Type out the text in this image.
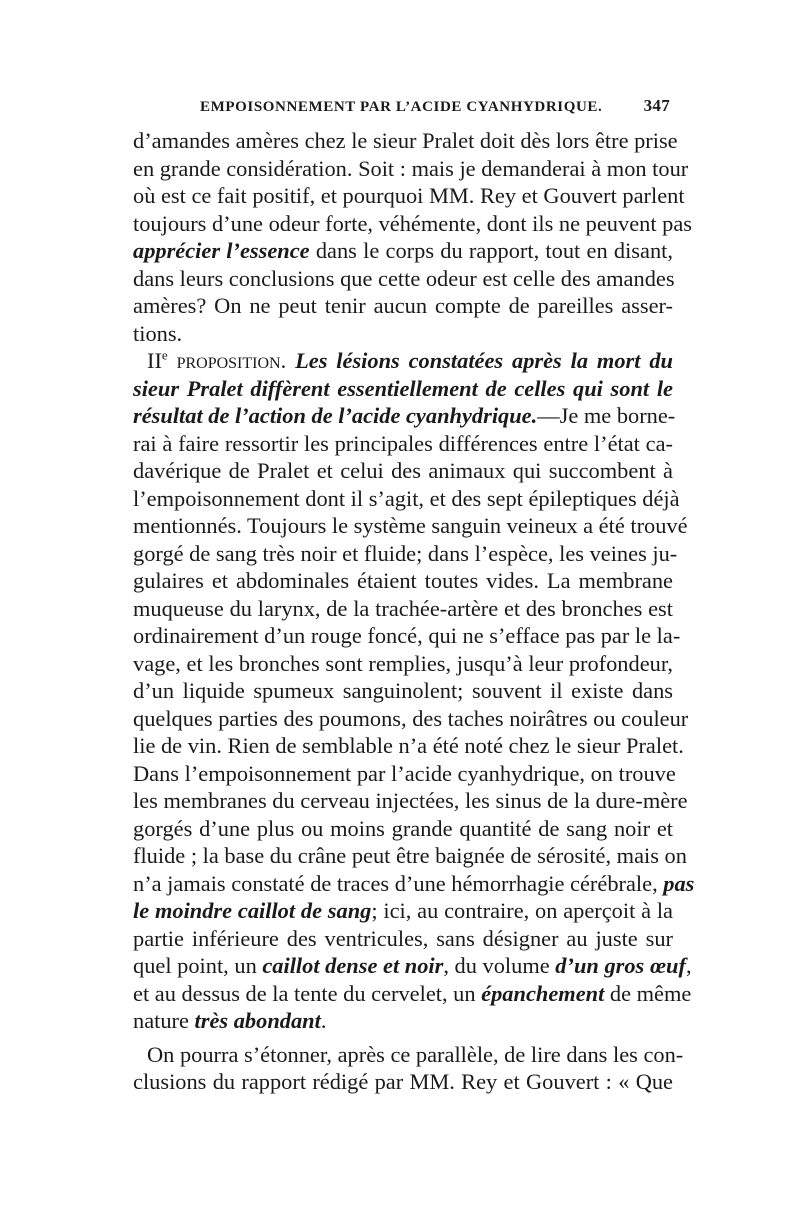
EMPOISONNEMENT PAR L’ACIDE CYANHYDRIQUE. 347
d’amandes amères chez le sieur Pralet doit dès lors être prise
en grande considération. Soit : mais je demanderai à mon tour
où est ce fait positif, et pourquoi MM. Rey et Gouvert parlent
toujours d’une odeur forte, véhémente, dont ils ne peuvent pas
apprécier l’essence dans le corps du rapport, tout en disant,
dans leurs conclusions que cette odeur est celle des amandes
amères? On ne peut tenir aucun compte de pareilles asser-
tions.
IIe proposition. Les lésions constatées après la mort du
sieur Pralet diffèrent essentiellement de celles qui sont le
résultat de l’action de l’acide cyanhydrique.—Je me borne-
rai à faire ressortir les principales différences entre l’état ca-
davérique de Pralet et celui des animaux qui succombent à
l’empoisonnement dont il s’agit, et des sept épileptiques déjà
mentionnés. Toujours le système sanguin veineux a été trouvé
gorgé de sang très noir et fluide; dans l’espèce, les veines ju-
gulaires et abdominales étaient toutes vides. La membrane
muqueuse du larynx, de la trachée-artère et des bronches est
ordinairement d’un rouge foncé, qui ne s’efface pas par le la-
vage, et les bronches sont remplies, jusqu’à leur profondeur,
d’un liquide spumeux sanguinolent; souvent il existe dans
quelques parties des poumons, des taches noirâtres ou couleur
lie de vin. Rien de semblable n’a été noté chez le sieur Pralet.
Dans l’empoisonnement par l’acide cyanhydrique, on trouve
les membranes du cerveau injectées, les sinus de la dure-mère
gorgés d’une plus ou moins grande quantité de sang noir et
fluide ; la base du crâne peut être baignée de sérosité, mais on
n’a jamais constaté de traces d’une hémorrhagie cérébrale, pas
le moindre caillot de sang; ici, au contraire, on aperçoit à la
partie inférieure des ventricules, sans désigner au juste sur
quel point, un caillot dense et noir, du volume d’un gros œuf,
et au dessus de la tente du cervelet, un épanchement de même
nature très abondant.
On pourra s’étonner, après ce parallèle, de lire dans les con-
clusions du rapport rédigé par MM. Rey et Gouvert : « Que
